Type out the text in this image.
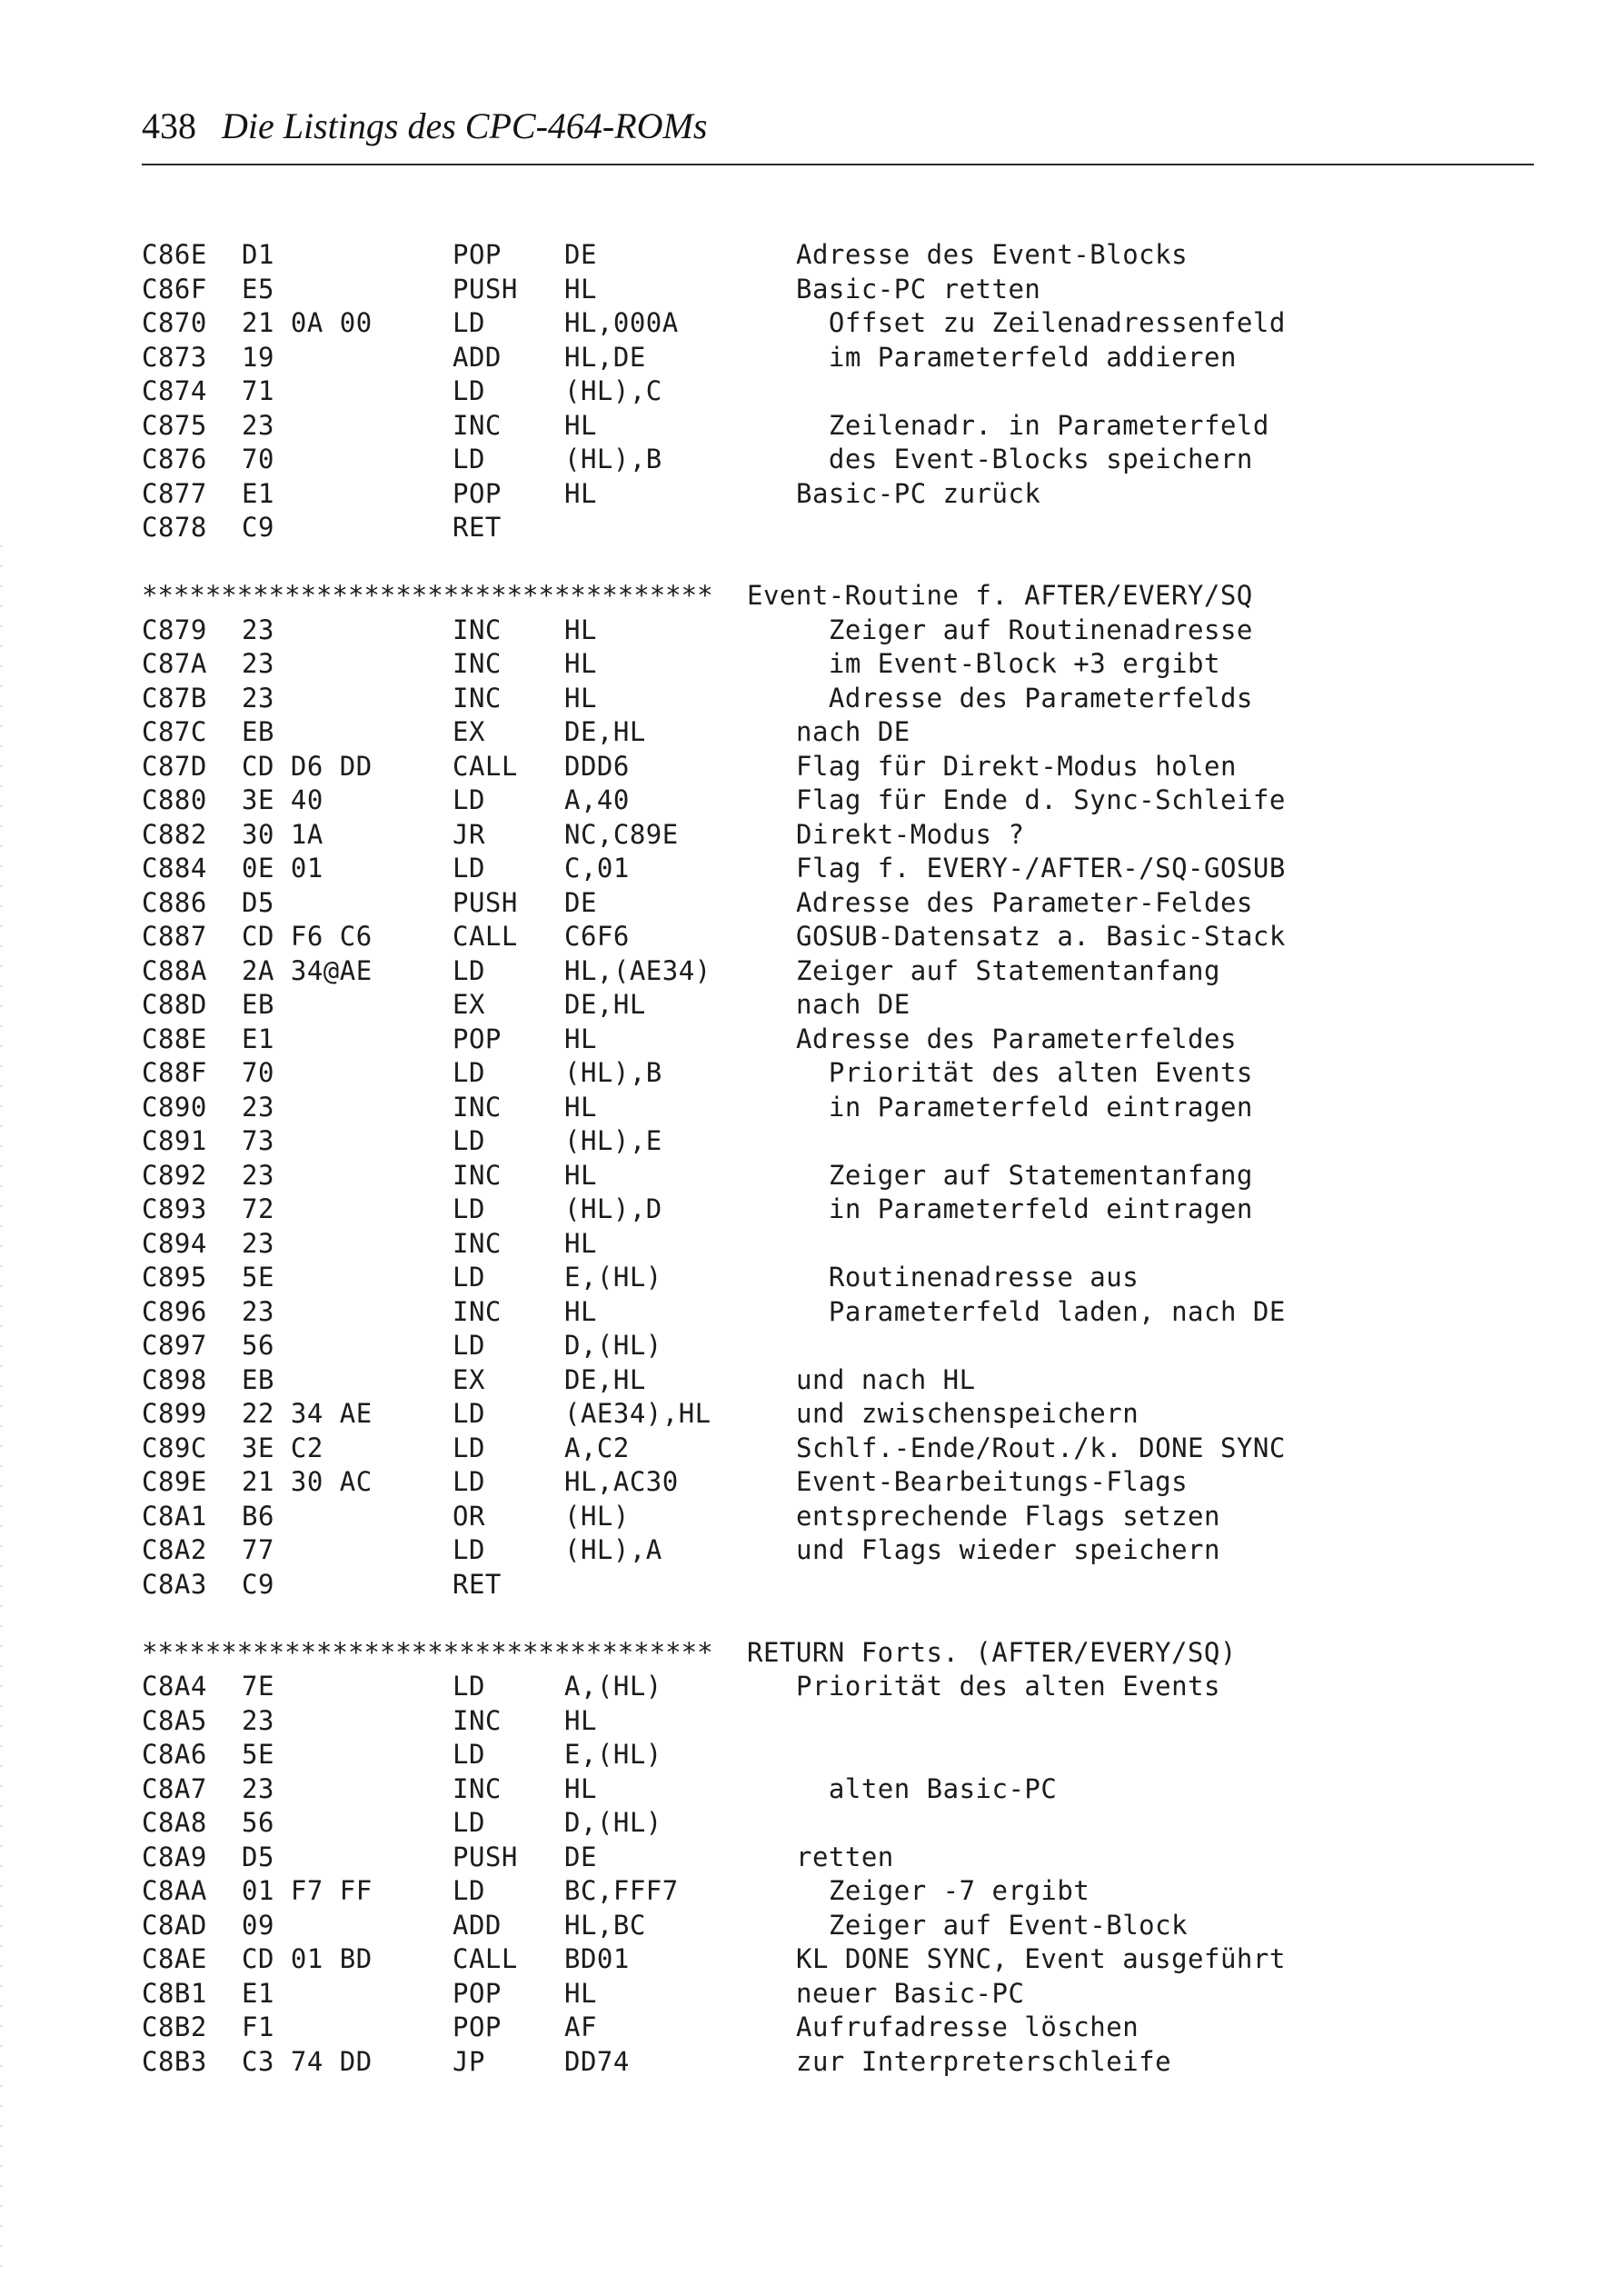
438 Die Listings des CPC-464-ROMs
C86E D1	POP DE	Adresse des Event-Blocks
C86F E5	PUSH HL	Basic-PC retten
C870 21 0A 00	LD	HL,000A	Offset zu Zeilenadressenfeld
C873 19	ADD HL,DE	im Parameterfeld addieren
C874 71	LD	(HL),C
C875 23	INC HL	Zeilenadr. in Parameterfeld
C876 70	LD	(HL),B	des Event-Blocks speichern
C877 E1	POP HL	Basic-PC zurück
C878 C9	RET
************************************ Event-Routine f. AFTER/EVERY/SQ
C879 23	INC HL	Zeiger auf Routinenadresse
C87A 23	INC HL	im Event-Block +3 ergibt
C87B 23	INC HL	Adresse des Parameterfelds
C87C EB	EX	DE,HL	nach DE
C87D CD D6 DD	CALL DDD6	Flag für Direkt-Modus holen
C880 3E 40	LD	A,40	Flag für Ende d. Sync-Schleife
C882 30 1A	JR	NC,C89E	Direkt-Modus ?
C884 0E 01	LD	C,01	Flag f. EVERY-/AFTER-/SQ-GOSUB
C886 D5	PUSH DE	Adresse des Parameter-Feldes
C887 CD F6 C6	CALL C6F6	GOSUB-Datensatz a. Basic-Stack
C88A 2A 34@AE	LD	HL,(AE34)	Zeiger auf Statementanfang
C88D EB	EX	DE,HL	nach DE
C88E E1	POP HL	Adresse des Parameterfeldes
C88F 70	LD	(HL),B	Priorität des alten Events
C890 23	INC HL	in Parameterfeld eintragen
C891 73	LD	(HL),E
C892 23	INC HL	Zeiger auf Statementanfang
C893 72	LD	(HL),D	in Parameterfeld eintragen
C894 23	INC HL
C895 5E	LD	E,(HL)	Routinenadresse aus
C896 23	INC HL	Parameterfeld laden, nach DE
C897 56	LD	D,(HL)
C898 EB	EX	DE,HL	und nach HL
C899 22 34 AE	LD	(AE34),HL	und zwischenspeichern
C89C 3E C2	LD	A,C2	Schlf.-Ende/Rout./k. DONE SYNC
C89E 21 30 AC	LD	HL,AC30	Event-Bearbeitungs-Flags
C8A1 B6	OR	(HL)	entsprechende Flags setzen
C8A2 77	LD	(HL),A	und Flags wieder speichern
C8A3 C9	RET
************************************ RETURN Forts. (AFTER/EVERY/SQ)
C8A4 7E	LD	A,(HL)	Priorität des alten Events
C8A5 23	INC HL
C8A6 5E	LD	E,(HL)
C8A7 23	INC HL	alten Basic-PC
C8A8 56	LD	D,(HL)
C8A9 D5	PUSH DE	retten
C8AA 01 F7 FF	LD	BC,FFF7	Zeiger -7 ergibt
C8AD 09	ADD HL,BC	Zeiger auf Event-Block
C8AE CD 01 BD	CALL BD01	KL DONE SYNC, Event ausgeführt
C8B1 E1	POP HL	neuer Basic-PC
C8B2 F1	POP AF	Aufrufadresse löschen
C8B3 C3 74 DD	JP	DD74	zur Interpreterschleife
